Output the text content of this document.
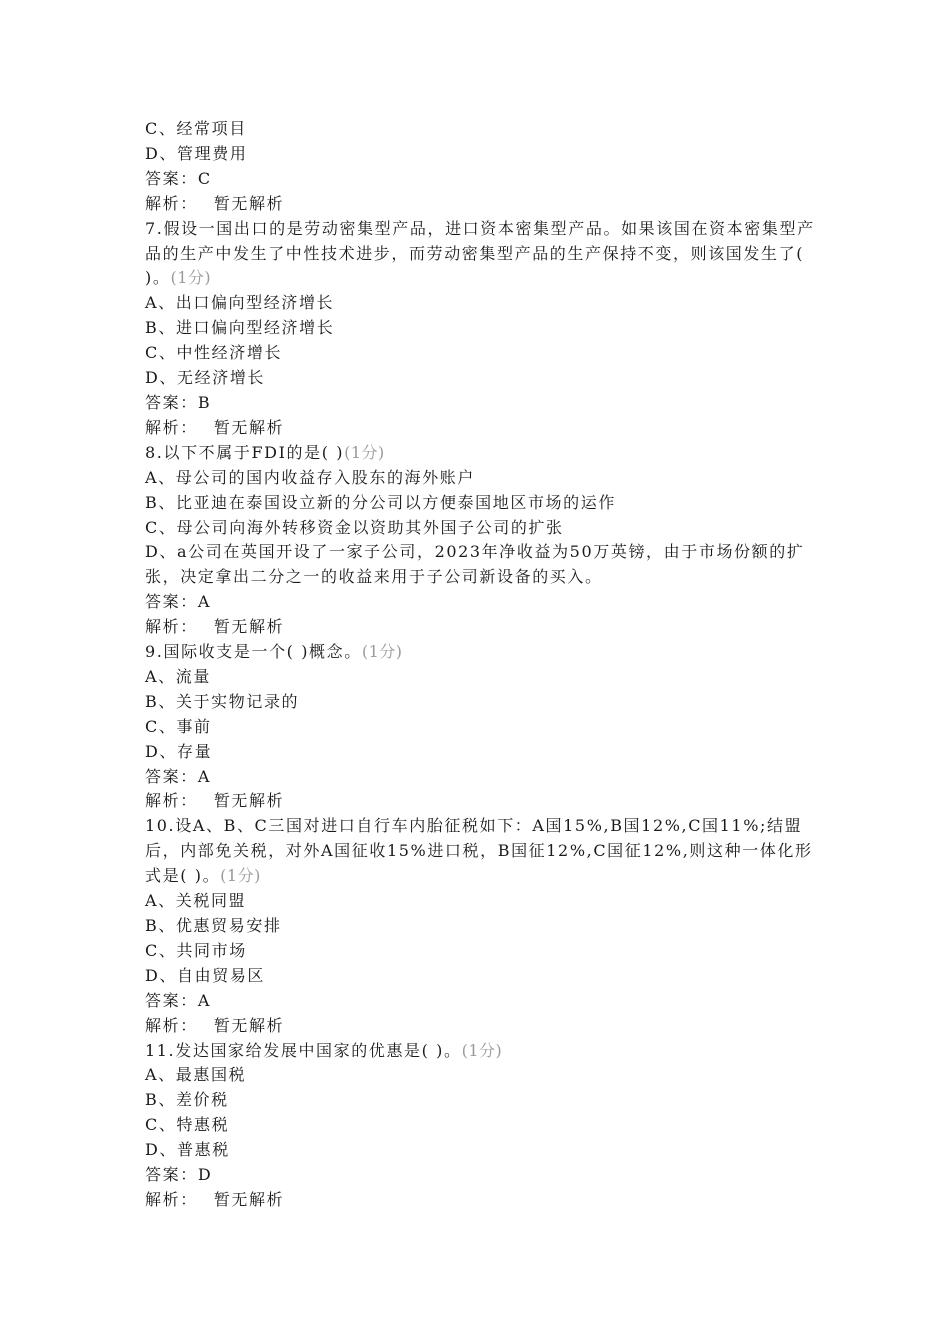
C、经常项目

D、管理费用

答案：C

解析： 暂无解析

7.假设一国出口的是劳动密集型产品，进口资本密集型产品。如果该国在资本密集型产品的生产中发生了中性技术进步，而劳动密集型产品的生产保持不变，则该国发生了( )。(1分)

A、出口偏向型经济增长

B、进口偏向型经济增长

C、中性经济增长

D、无经济增长

答案：B

解析： 暂无解析

8.以下不属于FDI的是( )(1分)

A、母公司的国内收益存入股东的海外账户

B、比亚迪在泰国设立新的分公司以方便泰国地区市场的运作

C、母公司向海外转移资金以资助其外国子公司的扩张

D、a公司在英国开设了一家子公司，2023年净收益为50万英镑，由于市场份额的扩张，决定拿出二分之一的收益来用于子公司新设备的买入。

答案：A

解析： 暂无解析

9.国际收支是一个( )概念。(1分)

A、流量

B、关于实物记录的

C、事前

D、存量

答案：A

解析： 暂无解析

10.设A、B、C三国对进口自行车内胎征税如下：A国15%,B国12%,C国11%;结盟后，内部免关税，对外A国征收15%进口税，B国征12%,C国征12%,则这种一体化形式是( )。(1分)

A、关税同盟

B、优惠贸易安排

C、共同市场

D、自由贸易区

答案：A

解析： 暂无解析

11.发达国家给发展中国家的优惠是( )。(1分)

A、最惠国税

B、差价税

C、特惠税

D、普惠税

答案：D

解析： 暂无解析
